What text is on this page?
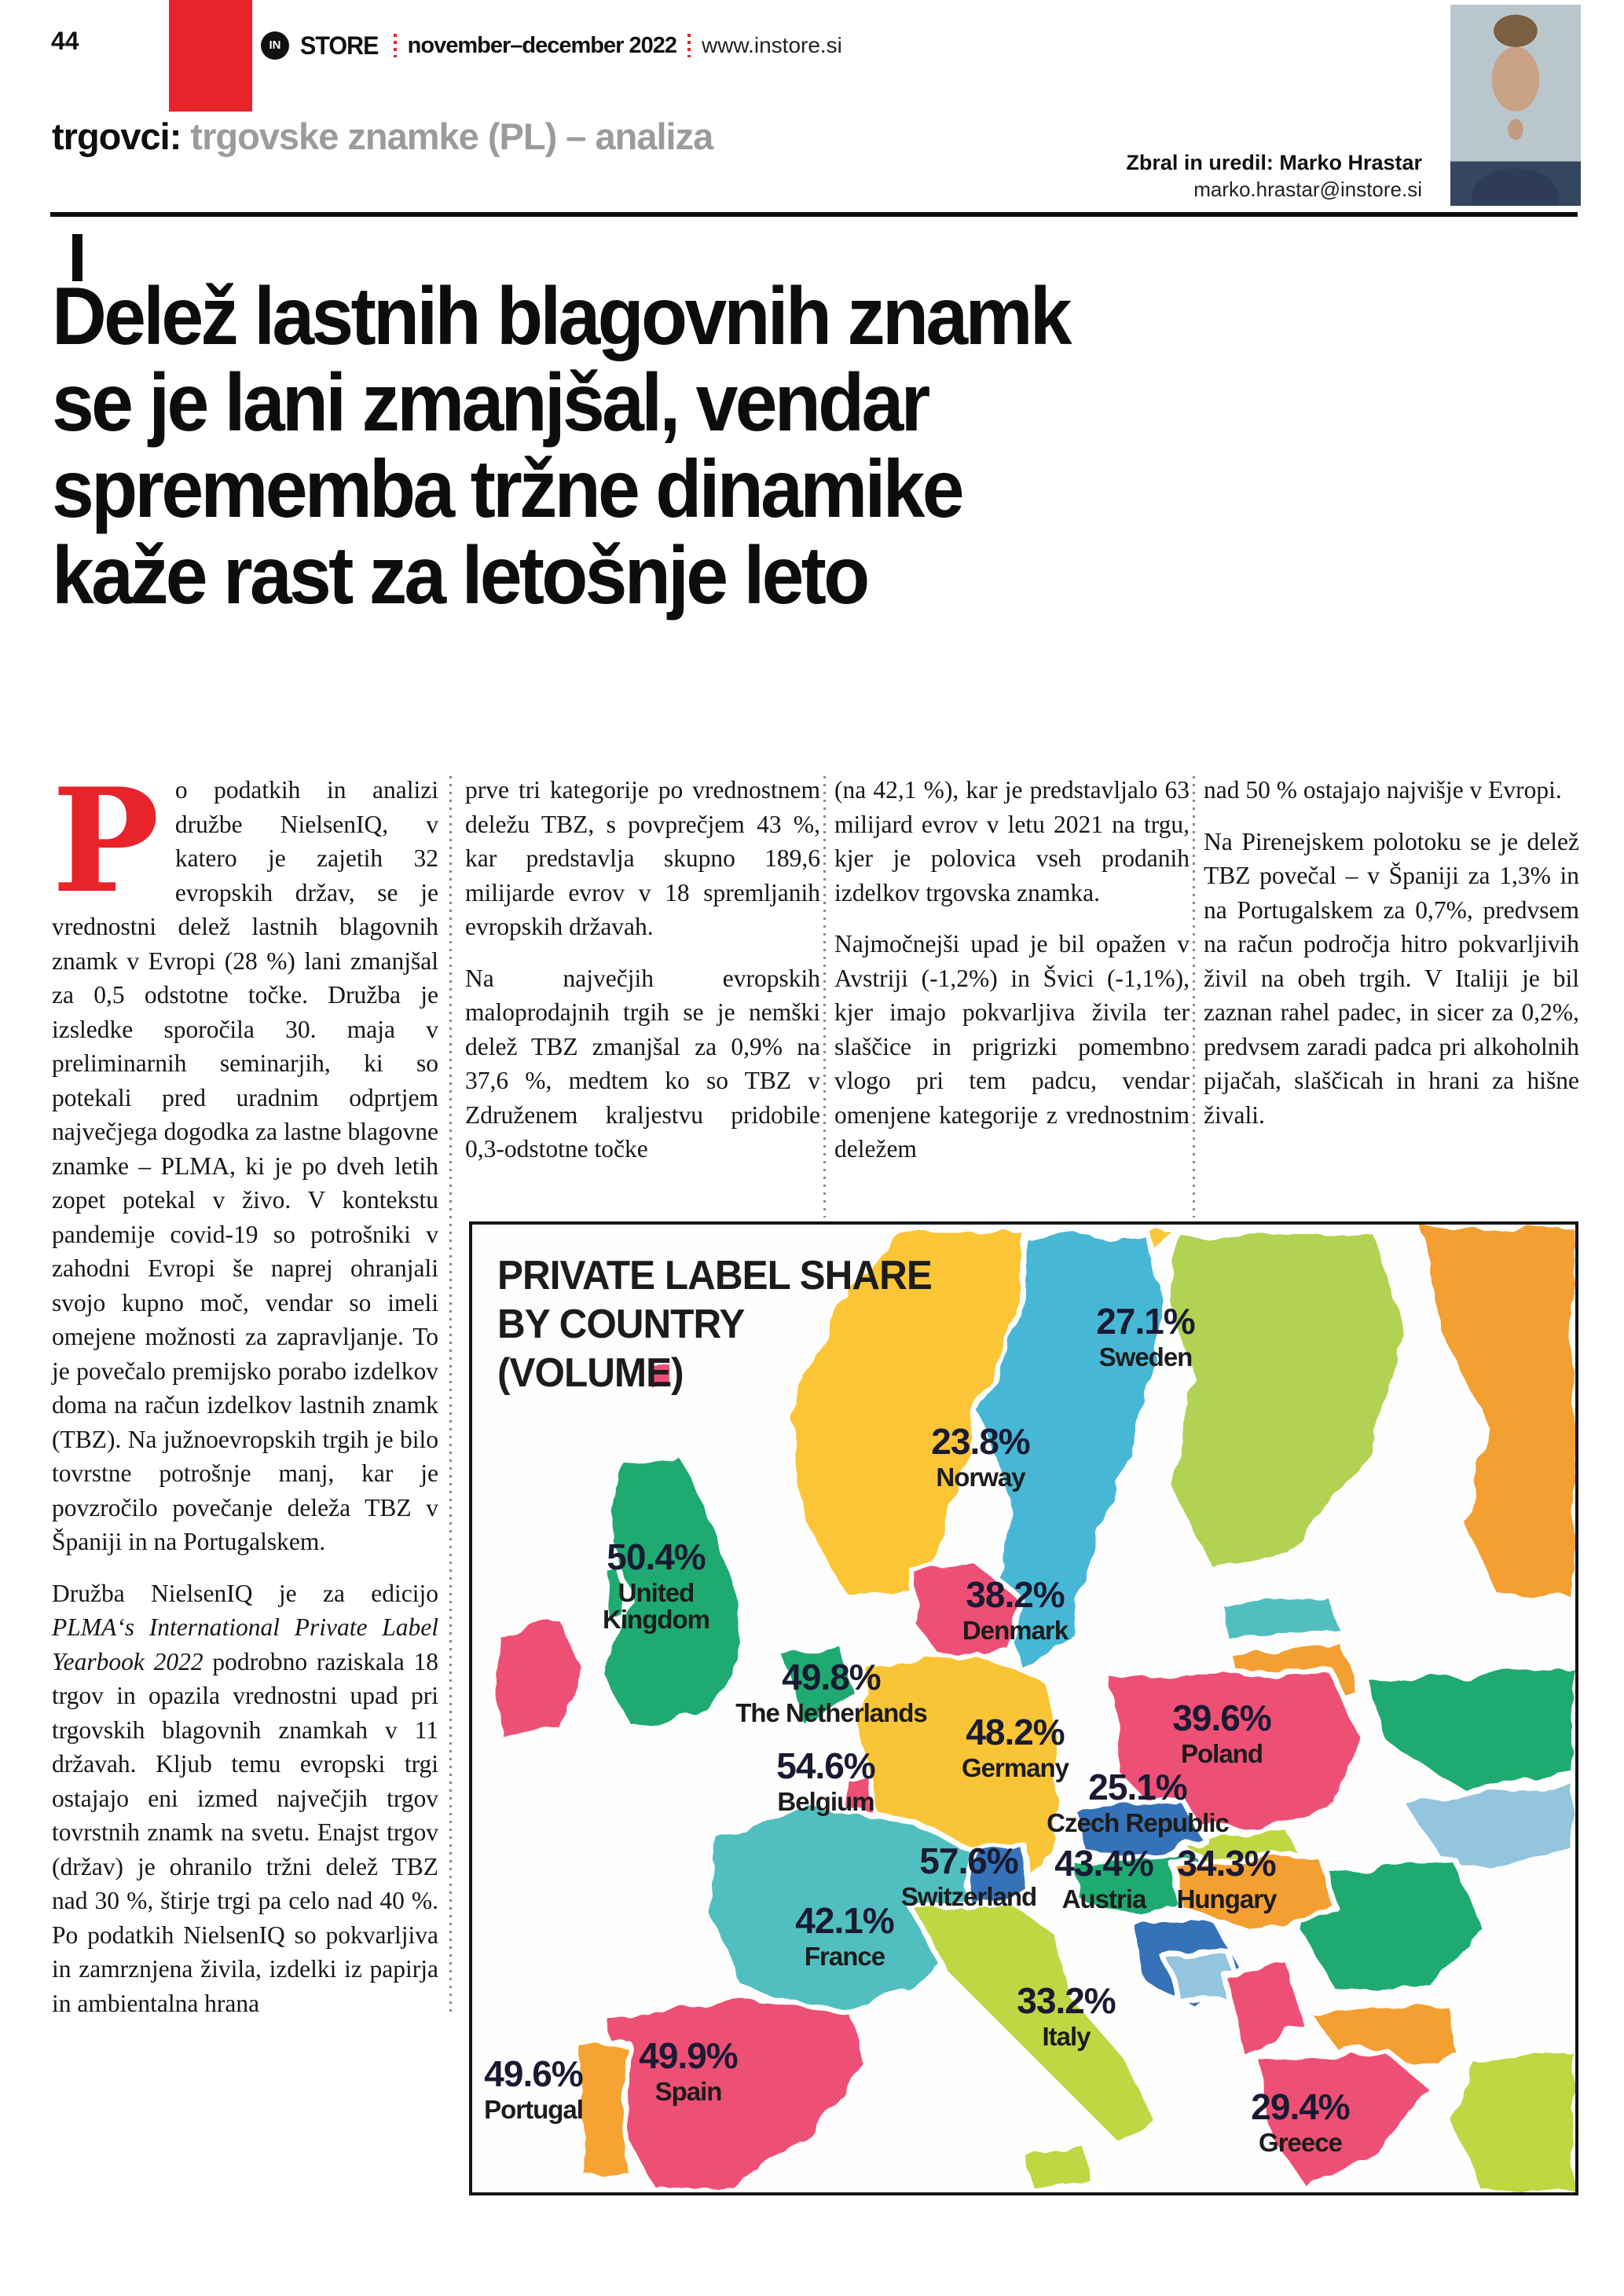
44	IN STORE november–december 2022 www.instore.si
trgovci: trgovske znamke (PL) – analiza
Zbral in uredil: Marko Hrastar
marko.hrastar@instore.si
Delež lastnih blagovnih znamk
se je lani zmanjšal, vendar
sprememba tržne dinamike
kaže rast za letošnje leto

Po podatkih in analizi družbe NielsenIQ, v katero je zajetih 32 evropskih držav, se je vrednostni delež lastnih blagovnih znamk v Evropi (28 %) lani zmanjšal za 0,5 odstotne točke. Družba je izsledke sporočila 30. maja v preliminarnih seminarjih, ki so potekali pred uradnim odprtjem največjega dogodka za lastne blagovne znamke – PLMA, ki je po dveh letih zopet potekal v živo. V kontekstu pandemije covid-19 so potrošniki v zahodni Evropi še naprej ohranjali svojo kupno moč, vendar so imeli omejene možnosti za zapravljanje. To je povečalo premijsko porabo izdelkov doma na račun izdelkov lastnih znamk (TBZ). Na južnoevropskih trgih je bilo tovrstne potrošnje manj, kar je povzročilo povečanje deleža TBZ v Španiji in na Portugalskem.

Družba NielsenIQ je za edicijo PLMA‘s International Private Label Yearbook 2022 podrobno raziskala 18 trgov in opazila vrednostni upad pri trgovskih blagovnih znamkah v 11 državah. Kljub temu evropski trgi ostajajo eni izmed največjih trgov tovrstnih znamk na svetu. Enajst trgov (držav) je ohranilo tržni delež TBZ nad 30 %, štirje trgi pa celo nad 40 %. Po podatkih NielsenIQ so pokvarljiva in zamrznjena živila, izdelki iz papirja in ambientalna hrana

prve tri kategorije po vrednostnem deležu TBZ, s povprečjem 43 %, kar predstavlja skupno 189,6 milijarde evrov v 18 spremljanih evropskih državah.

Na največjih evropskih maloprodajnih trgih se je nemški delež TBZ zmanjšal za 0,9% na 37,6 %, medtem ko so TBZ v Združenem kraljestvu pridobile 0,3-odstotne točke

(na 42,1 %), kar je predstavljalo 63 milijard evrov v letu 2021 na trgu, kjer je polovica vseh prodanih izdelkov trgovska znamka.

Najmočnejši upad je bil opažen v Avstriji (-1,2%) in Švici (-1,1%), kjer imajo pokvarljiva živila ter slaščice in prigrizki pomembno vlogo pri tem padcu, vendar omenjene kategorije z vrednostnim deležem

nad 50 % ostajajo najvišje v Evropi.

Na Pirenejskem polotoku se je delež TBZ povečal – v Španiji za 1,3% in na Portugalskem za 0,7%, predvsem na račun področja hitro pokvarljivih živil na obeh trgih. V Italiji je bil zaznan rahel padec, in sicer za 0,2%, predvsem zaradi padca pri alkoholnih pijačah, slaščicah in hrani za hišne živali.

PRIVATE LABEL SHARE
BY COUNTRY
(VOLUME)
27.1%
Sweden
23.8%
Norway
50.4%
United Kingdom
38.2%
Denmark
49.8%
The Netherlands 48.2%
Germany
39.6%
Poland
54.6%
Belgium	25.1%
Czech Republic
57.6%
Switzerland
43.4%
Austria
34.3%
Hungary
42.1%
France
33.2%
Italy
49.9%
Spain
49.6%
Portugal	29.4%
Greece
